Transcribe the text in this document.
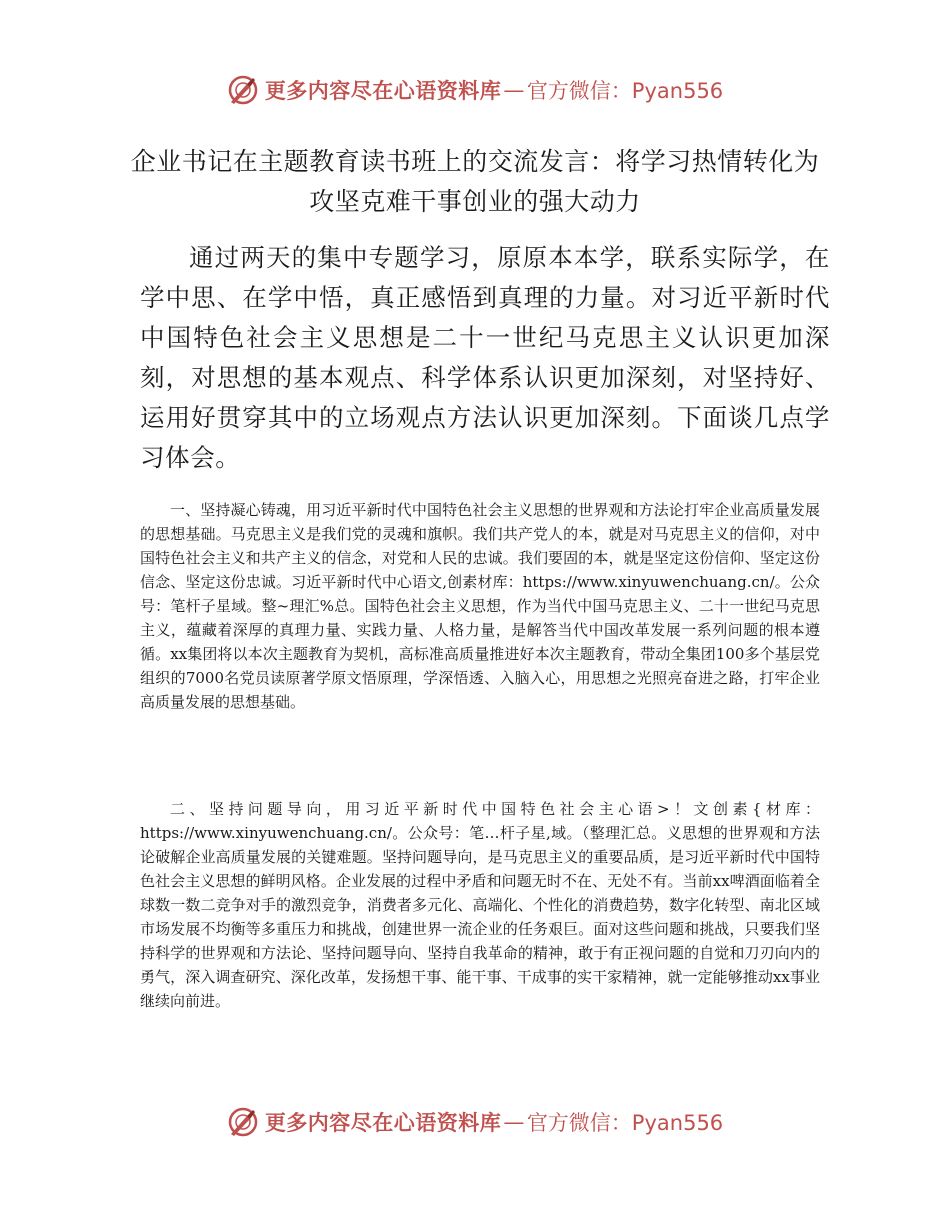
更多内容尽在心语资料库 — 官方微信：Pyan556
企业书记在主题教育读书班上的交流发言：将学习热情转化为
攻坚克难干事创业的强大动力
通过两天的集中专题学习，原原本本学，联系实际学，在学中思、在学中悟，真正感悟到真理的力量。对习近平新时代中国特色社会主义思想是二十一世纪马克思主义认识更加深刻，对思想的基本观点、科学体系认识更加深刻，对坚持好、运用好贯穿其中的立场观点方法认识更加深刻。下面谈几点学习体会。
一、坚持凝心铸魂，用习近平新时代中国特色社会主义思想的世界观和方法论打牢企业高质量发展的思想基础。马克思主义是我们党的灵魂和旗帜。我们共产党人的本，就是对马克思主义的信仰，对中国特色社会主义和共产主义的信念，对党和人民的忠诚。我们要固的本，就是坚定这份信仰、坚定这份信念、坚定这份忠诚。习近平新时代中心语文,创素材库：https://www.xinyuwenchuang.cn/。公众号：笔杆子星域。整~理汇%总。国特色社会主义思想，作为当代中国马克思主义、二十一世纪马克思主义，蕴藏着深厚的真理力量、实践力量、人格力量，是解答当代中国改革发展一系列问题的根本遵循。xx集团将以本次主题教育为契机，高标准高质量推进好本次主题教育，带动全集团100多个基层党组织的7000名党员读原著学原文悟原理，学深悟透、入脑入心，用思想之光照亮奋进之路，打牢企业高质量发展的思想基础。
二、坚持问题导向，用习近平新时代中国特色社会主心语>！文创素{材库：https://www.xinyuwenchuang.cn/。公众号：笔…杆子星,域。（整理汇总。义思想的世界观和方法论破解企业高质量发展的关键难题。坚持问题导向，是马克思主义的重要品质，是习近平新时代中国特色社会主义思想的鲜明风格。企业发展的过程中矛盾和问题无时不在、无处不有。当前xx啤酒面临着全球数一数二竞争对手的激烈竞争，消费者多元化、高端化、个性化的消费趋势，数字化转型、南北区域市场发展不均衡等多重压力和挑战，创建世界一流企业的任务艰巨。面对这些问题和挑战，只要我们坚持科学的世界观和方法论、坚持问题导向、坚持自我革命的精神，敢于有正视问题的自觉和刀刃向内的勇气，深入调查研究、深化改革，发扬想干事、能干事、干成事的实干家精神，就一定能够推动xx事业继续向前进。
更多内容尽在心语资料库 — 官方微信：Pyan556
